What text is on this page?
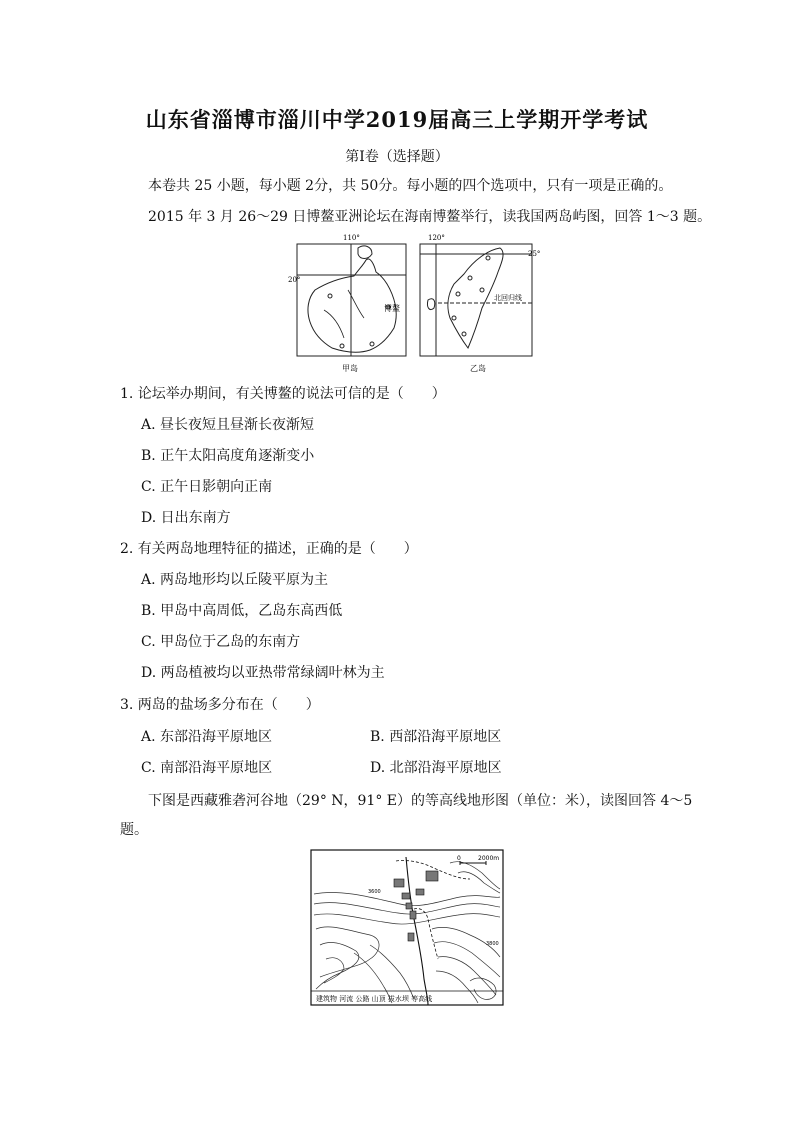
山东省淄博市淄川中学2019届高三上学期开学考试
第Ⅰ卷（选择题）
本卷共 25 小题，每小题 2分，共 50分。每小题的四个选项中，只有一项是正确的。
2015 年 3 月 26～29 日博鳌亚洲论坛在海南博鳌举行，读我国两岛屿图，回答 1～3 题。
110°
20°
博鳌
甲岛
120°
25°
北回归线
乙岛
1. 论坛举办期间，有关博鳌的说法可信的是（　　）
A. 昼长夜短且昼渐长夜渐短
B. 正午太阳高度角逐渐变小
C. 正午日影朝向正南
D. 日出东南方
2. 有关两岛地理特征的描述，正确的是（　　）
A. 两岛地形均以丘陵平原为主
B. 甲岛中高周低，乙岛东高西低
C. 甲岛位于乙岛的东南方
D. 两岛植被均以亚热带常绿阔叶林为主
3. 两岛的盐场多分布在（　　）
A. 东部沿海平原地区	B. 西部沿海平原地区
C. 南部沿海平原地区	D. 北部沿海平原地区
下图是西藏雅砻河谷地（29° N，91° E）的等高线地形图（单位：米），读图回答 4～5
题。
0	2000m
3600
3800
建筑物 河流 公路 山顶 拔水坝 等高线
